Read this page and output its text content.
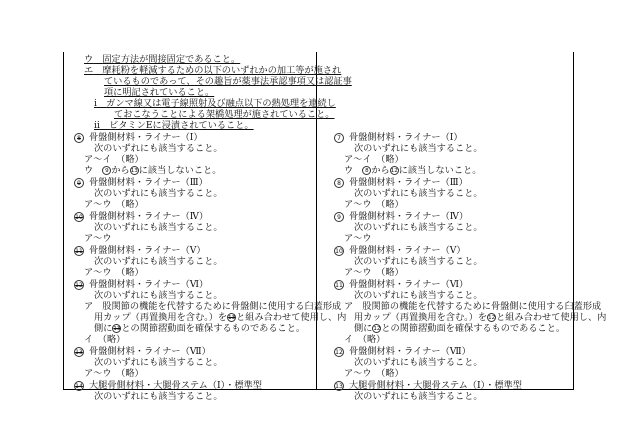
ウ　 固定方法が間接固定であること。
エ　 摩耗粉を軽減するための以下のいずれかの加工等が施され
ているものであって、その趣旨が薬事法承認事項又は認証事
項に明記されていること。
ⅰ　 ガンマ線又は電子線照射及び融点以下の熱処理を連続し
ておこなうことによる架橋処理が施されていること。
ⅱ　 ビタミンEに浸漬されていること。
8 骨盤側材料・ライナー（Ⅰ）
次のいずれにも該当すること。
ア～イ　（略）
ウ　9 から13に該当しないこと。
9 骨盤側材料・ライナー（Ⅲ）
次のいずれにも該当すること。
ア～ウ　（略）
10 骨盤側材料・ライナー（Ⅳ）
次のいずれにも該当すること。
ア～ウ
11 骨盤側材料・ライナー（Ⅴ）
次のいずれにも該当すること。
ア～ウ　（略）
12 骨盤側材料・ライナー（Ⅵ）
次のいずれにも該当すること。
ア　股関節の機能を代替するために骨盤側に使用する臼蓋形成
用カップ（再置換用を含む。）を13と組み合わせて使用し、内
側に13との関節摺動面を確保するものであること。
イ　（略）
13 骨盤側材料・ライナー（Ⅶ）
次のいずれにも該当すること。
ア～ウ　（略）
14 大腿骨側材料・大腿骨ステム（Ⅰ）・標準型
次のいずれにも該当すること。
7 骨盤側材料・ライナー（Ⅰ）
次のいずれにも該当すること。
ア～イ　（略）
ウ　8 から12に該当しないこと。
8 骨盤側材料・ライナー（Ⅲ）
次のいずれにも該当すること。
ア～ウ　（略）
9 骨盤側材料・ライナー（Ⅳ）
次のいずれにも該当すること。
ア～ウ
10 骨盤側材料・ライナー（Ⅴ）
次のいずれにも該当すること。
ア～ウ　（略）
11 骨盤側材料・ライナー（Ⅵ）
次のいずれにも該当すること。
ア　股関節の機能を代替するために骨盤側に使用する臼蓋形成
用カップ（再置換用を含む。）を12と組み合わせて使用し、内
側に12との関節摺動面を確保するものであること。
イ　（略）
12 骨盤側材料・ライナー（Ⅶ）
次のいずれにも該当すること。
ア～ウ　（略）
13 大腿骨側材料・大腿骨ステム（Ⅰ）・標準型
次のいずれにも該当すること。
